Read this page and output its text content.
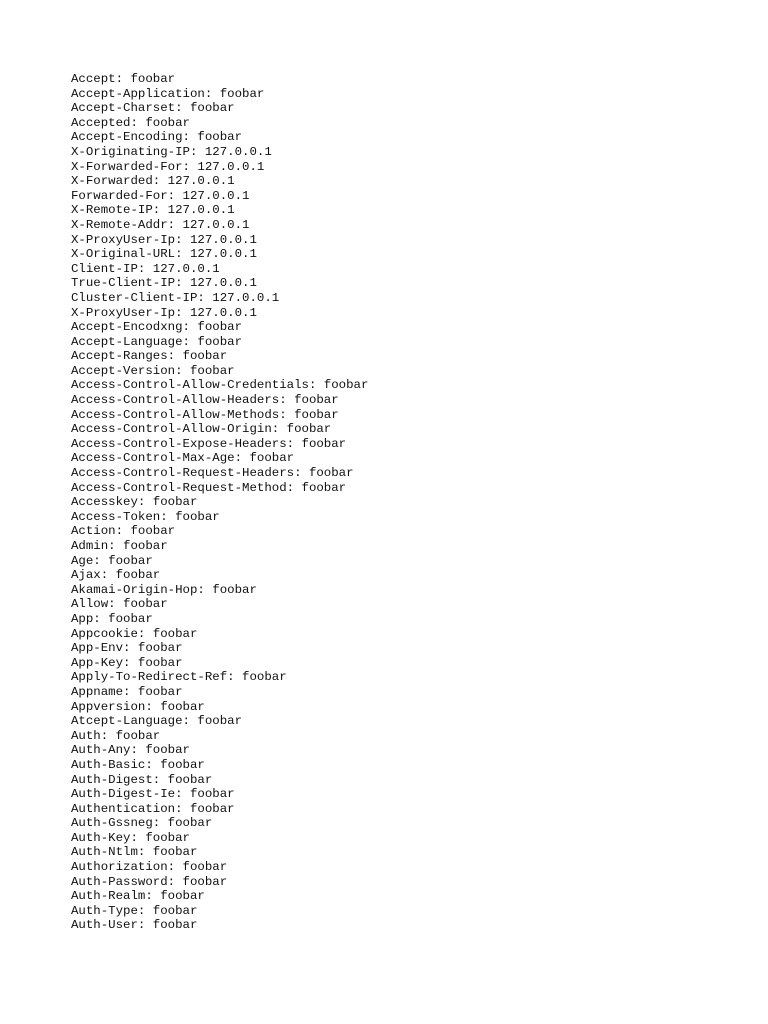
Accept: foobar
Accept-Application: foobar
Accept-Charset: foobar
Accepted: foobar
Accept-Encoding: foobar
X-Originating-IP: 127.0.0.1
X-Forwarded-For: 127.0.0.1
X-Forwarded: 127.0.0.1
Forwarded-For: 127.0.0.1
X-Remote-IP: 127.0.0.1
X-Remote-Addr: 127.0.0.1
X-ProxyUser-Ip: 127.0.0.1
X-Original-URL: 127.0.0.1
Client-IP: 127.0.0.1
True-Client-IP: 127.0.0.1
Cluster-Client-IP: 127.0.0.1
X-ProxyUser-Ip: 127.0.0.1
Accept-Encodxng: foobar
Accept-Language: foobar
Accept-Ranges: foobar
Accept-Version: foobar
Access-Control-Allow-Credentials: foobar
Access-Control-Allow-Headers: foobar
Access-Control-Allow-Methods: foobar
Access-Control-Allow-Origin: foobar
Access-Control-Expose-Headers: foobar
Access-Control-Max-Age: foobar
Access-Control-Request-Headers: foobar
Access-Control-Request-Method: foobar
Accesskey: foobar
Access-Token: foobar
Action: foobar
Admin: foobar
Age: foobar
Ajax: foobar
Akamai-Origin-Hop: foobar
Allow: foobar
App: foobar
Appcookie: foobar
App-Env: foobar
App-Key: foobar
Apply-To-Redirect-Ref: foobar
Appname: foobar
Appversion: foobar
Atcept-Language: foobar
Auth: foobar
Auth-Any: foobar
Auth-Basic: foobar
Auth-Digest: foobar
Auth-Digest-Ie: foobar
Authentication: foobar
Auth-Gssneg: foobar
Auth-Key: foobar
Auth-Ntlm: foobar
Authorization: foobar
Auth-Password: foobar
Auth-Realm: foobar
Auth-Type: foobar
Auth-User: foobar
